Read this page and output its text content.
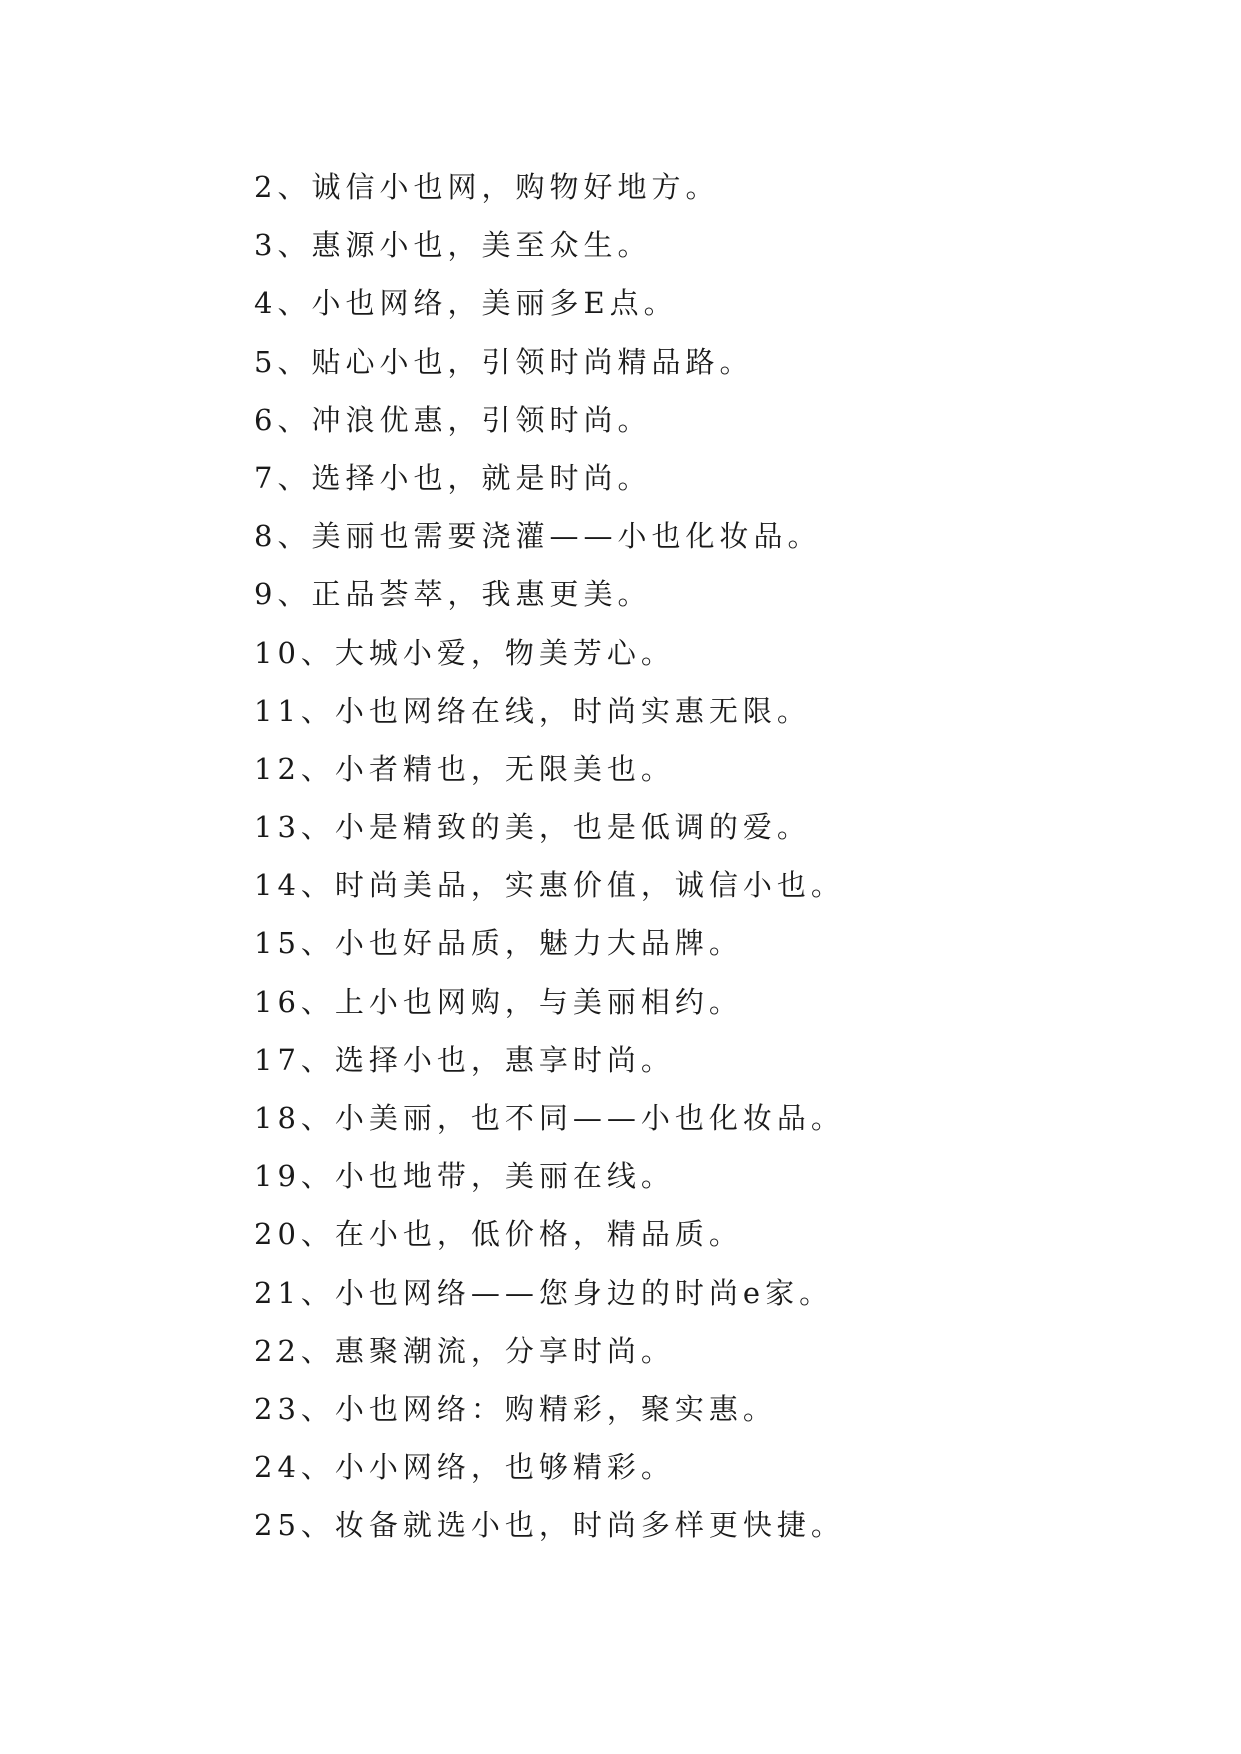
2、诚信小也网，购物好地方。
3、惠源小也，美至众生。
4、小也网络，美丽多E点。
5、贴心小也，引领时尚精品路。
6、冲浪优惠，引领时尚。
7、选择小也，就是时尚。
8、美丽也需要浇灌——小也化妆品。
9、正品荟萃，我惠更美。
10、大城小爱，物美芳心。
11、小也网络在线，时尚实惠无限。
12、小者精也，无限美也。
13、小是精致的美，也是低调的爱。
14、时尚美品，实惠价值，诚信小也。
15、小也好品质，魅力大品牌。
16、上小也网购，与美丽相约。
17、选择小也，惠享时尚。
18、小美丽，也不同——小也化妆品。
19、小也地带，美丽在线。
20、在小也，低价格，精品质。
21、小也网络——您身边的时尚e家。
22、惠聚潮流，分享时尚。
23、小也网络：购精彩，聚实惠。
24、小小网络，也够精彩。
25、妆备就选小也，时尚多样更快捷。
